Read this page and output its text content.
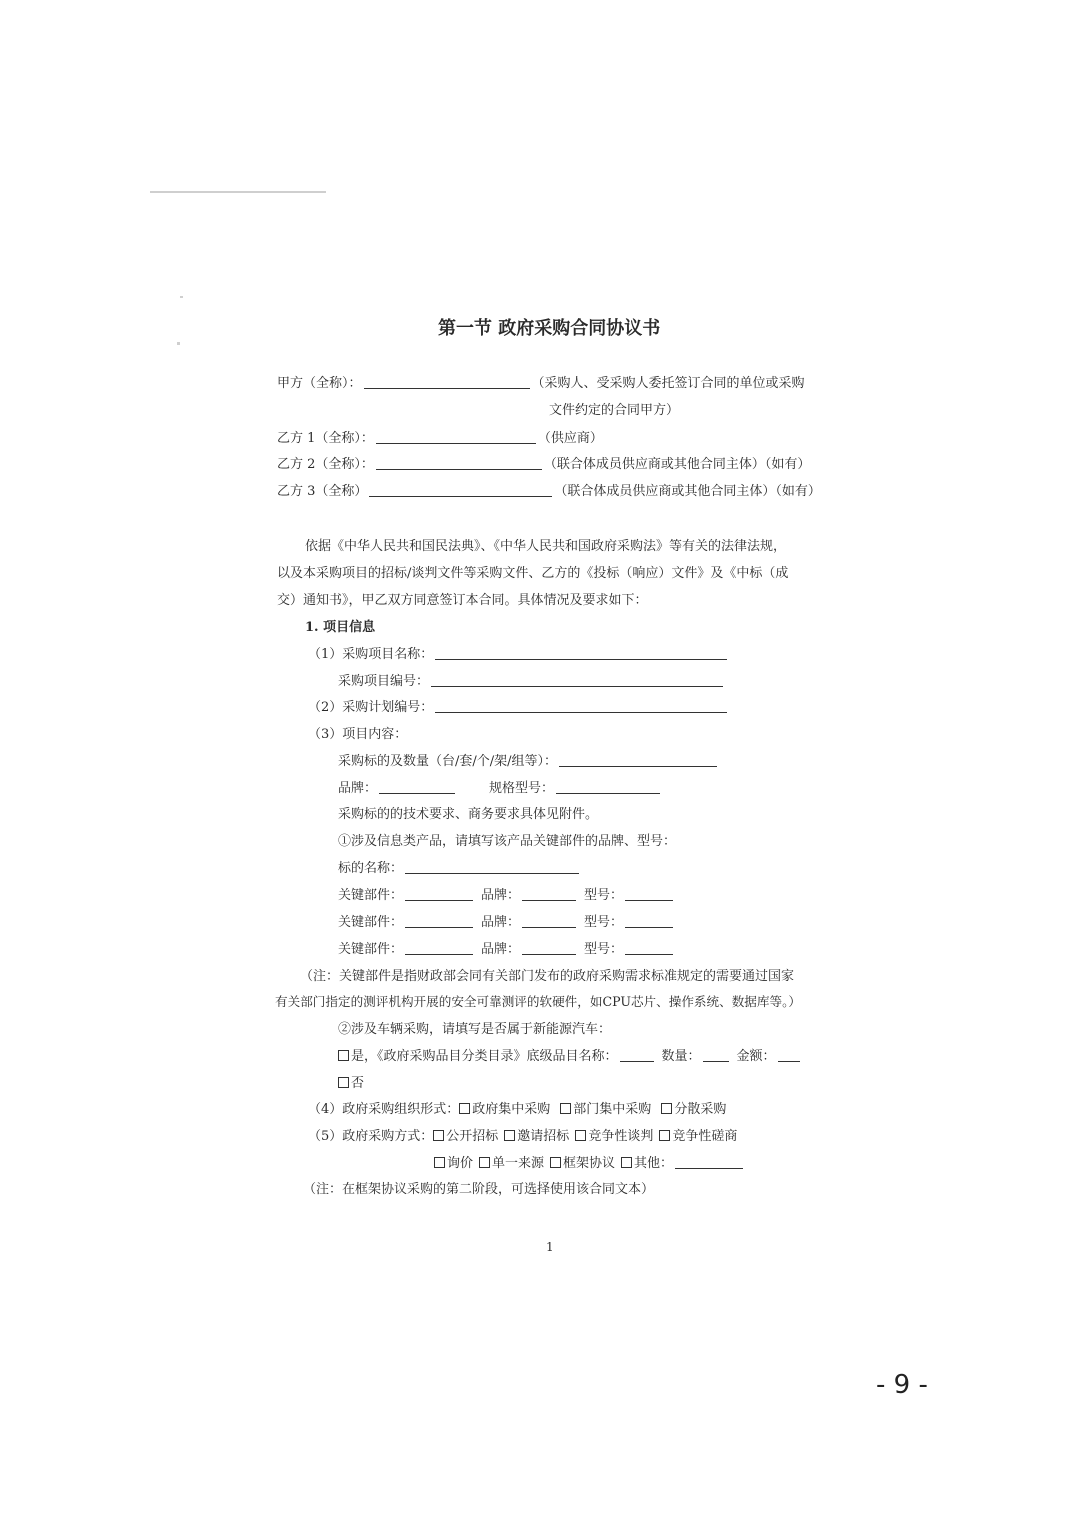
第一节 政府采购合同协议书
甲方（全称）：	（采购人、受采购人委托签订合同的单位或采购
文件约定的合同甲方）
乙方 1（全称）：	（供应商）
乙方 2（全称）：	（联合体成员供应商或其他合同主体）（如有）
乙方 3（全称）	（联合体成员供应商或其他合同主体）（如有）
依据《中华人民共和国民法典》、《中华人民共和国政府采购法》等有关的法律法规，
以及本采购项目的招标/谈判文件等采购文件、乙方的《投标（响应）文件》及《中标（成
交）通知书》，甲乙双方同意签订本合同。具体情况及要求如下：
1. 项目信息
（1）采购项目名称：
采购项目编号：
（2）采购计划编号：
（3）项目内容：
采购标的及数量（台/套/个/架/组等）：
品牌：	规格型号：
采购标的的技术要求、商务要求具体见附件。
①涉及信息类产品，请填写该产品关键部件的品牌、型号：
标的名称：
关键部件：	品牌：	型号：
关键部件：	品牌：	型号：
关键部件：	品牌：	型号：
（注：关键部件是指财政部会同有关部门发布的政府采购需求标准规定的需要通过国家
有关部门指定的测评机构开展的安全可靠测评的软硬件，如CPU芯片、操作系统、数据库等。）
②涉及车辆采购，请填写是否属于新能源汽车：
是，《政府采购品目分类目录》底级品目名称：	数量：	金额：
否
（4）政府采购组织形式： 政府集中采购 部门集中采购 分散采购
（5）政府采购方式： 公开招标 邀请招标 竞争性谈判 竞争性磋商
询价 单一来源 框架协议 其他：
（注：在框架协议采购的第二阶段，可选择使用该合同文本）
1
- 9 -
